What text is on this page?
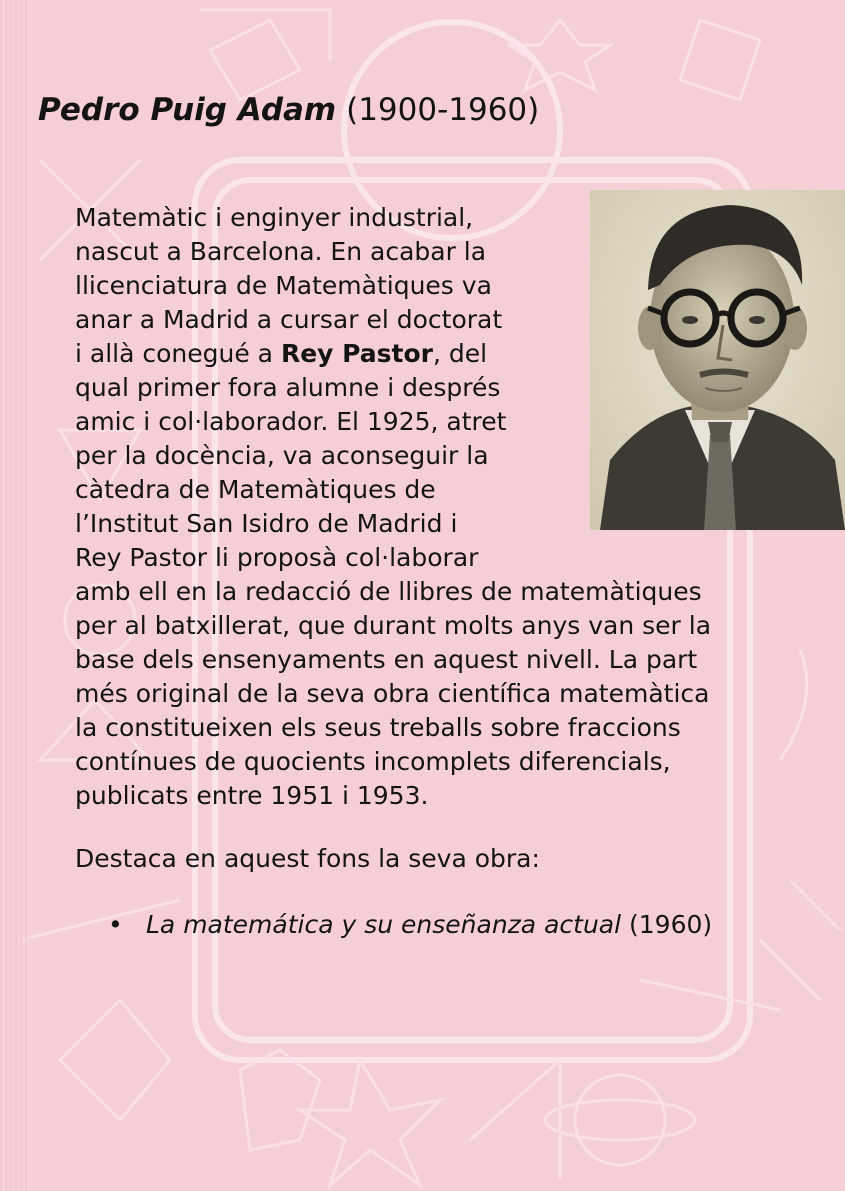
Pedro Puig Adam (1900-1960)
Matemàtic i enginyer industrial,
nascut a Barcelona. En acabar la
llicenciatura de Matemàtiques va
anar a Madrid a cursar el doctorat
i allà conegué a Rey Pastor, del
qual primer fora alumne i després
amic i col·laborador. El 1925, atret
per la docència, va aconseguir la
càtedra de Matemàtiques de
l’Institut San Isidro de Madrid i
Rey Pastor li proposà col·laborar
amb ell en la redacció de llibres de matemàtiques
per al batxillerat, que durant molts anys van ser la
base dels ensenyaments en aquest nivell. La part
més original de la seva obra científica matemàtica
la constitueixen els seus treballs sobre fraccions
contínues de quocients incomplets diferencials,
publicats entre 1951 i 1953.
Destaca en aquest fons la seva obra:
• La matemática y su enseñanza actual (1960)
